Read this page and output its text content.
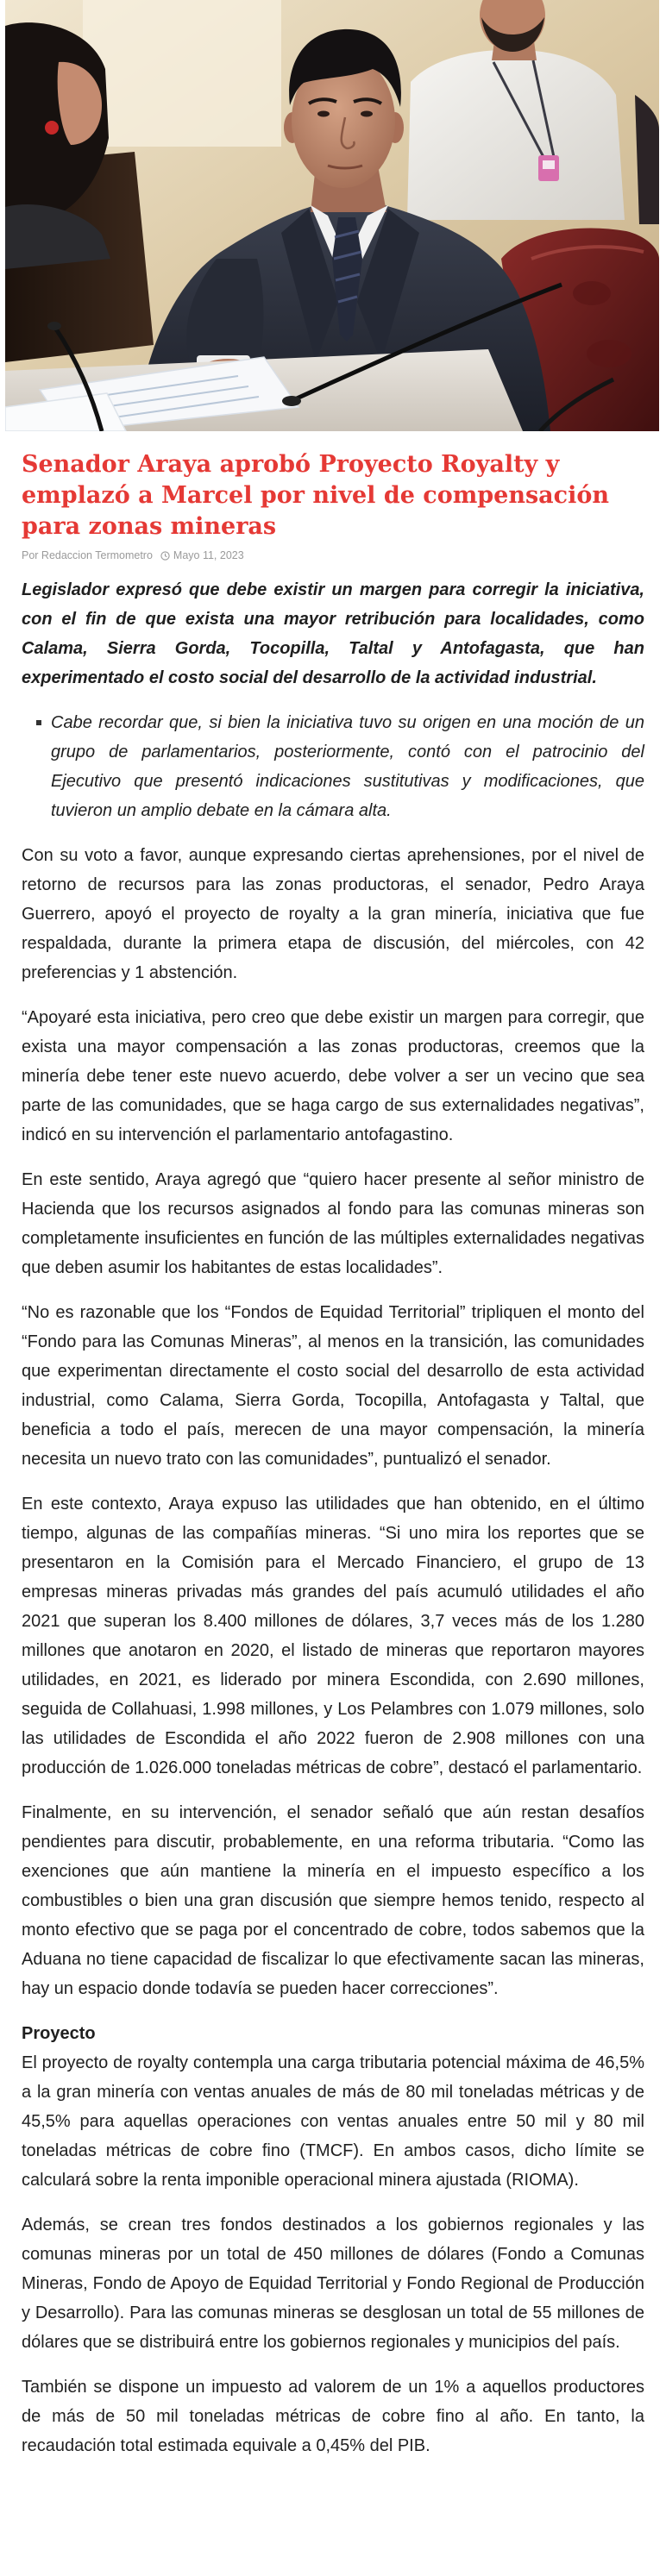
Senador Araya aprobó Proyecto Royalty y emplazó a Marcel por nivel de compensación para zonas mineras
Por Redaccion Termometro Mayo 11, 2023

Legislador expresó que debe existir un margen para corregir la iniciativa, con el fin de que exista una mayor retribución para localidades, como Calama, Sierra Gorda, Tocopilla, Taltal y Antofagasta, que han experimentado el costo social del desarrollo de la actividad industrial.

Cabe recordar que, si bien la iniciativa tuvo su origen en una moción de un grupo de parlamentarios, posteriormente, contó con el patrocinio del Ejecutivo que presentó indicaciones sustitutivas y modificaciones, que tuvieron un amplio debate en la cámara alta.

Con su voto a favor, aunque expresando ciertas aprehensiones, por el nivel de retorno de recursos para las zonas productoras, el senador, Pedro Araya Guerrero, apoyó el proyecto de royalty a la gran minería, iniciativa que fue respaldada, durante la primera etapa de discusión, del miércoles, con 42 preferencias y 1 abstención.

“Apoyaré esta iniciativa, pero creo que debe existir un margen para corregir, que exista una mayor compensación a las zonas productoras, creemos que la minería debe tener este nuevo acuerdo, debe volver a ser un vecino que sea parte de las comunidades, que se haga cargo de sus externalidades negativas”, indicó en su intervención el parlamentario antofagastino.

En este sentido, Araya agregó que “quiero hacer presente al señor ministro de Hacienda que los recursos asignados al fondo para las comunas mineras son completamente insuficientes en función de las múltiples externalidades negativas que deben asumir los habitantes de estas localidades”.

“No es razonable que los “Fondos de Equidad Territorial” tripliquen el monto del “Fondo para las Comunas Mineras”, al menos en la transición, las comunidades que experimentan directamente el costo social del desarrollo de esta actividad industrial, como Calama, Sierra Gorda, Tocopilla, Antofagasta y Taltal, que beneficia a todo el país, merecen de una mayor compensación, la minería necesita un nuevo trato con las comunidades”, puntualizó el senador.

En este contexto, Araya expuso las utilidades que han obtenido, en el último tiempo, algunas de las compañías mineras. “Si uno mira los reportes que se presentaron en la Comisión para el Mercado Financiero, el grupo de 13 empresas mineras privadas más grandes del país acumuló utilidades el año 2021 que superan los 8.400 millones de dólares, 3,7 veces más de los 1.280 millones que anotaron en 2020, el listado de mineras que reportaron mayores utilidades, en 2021, es liderado por minera Escondida, con 2.690 millones, seguida de Collahuasi, 1.998 millones, y Los Pelambres con 1.079 millones, solo las utilidades de Escondida el año 2022 fueron de 2.908 millones con una producción de 1.026.000 toneladas métricas de cobre”, destacó el parlamentario.

Finalmente, en su intervención, el senador señaló que aún restan desafíos pendientes para discutir, probablemente, en una reforma tributaria. “Como las exenciones que aún mantiene la minería en el impuesto específico a los combustibles o bien una gran discusión que siempre hemos tenido, respecto al monto efectivo que se paga por el concentrado de cobre, todos sabemos que la Aduana no tiene capacidad de fiscalizar lo que efectivamente sacan las mineras, hay un espacio donde todavía se pueden hacer correcciones”.

Proyecto

El proyecto de royalty contempla una carga tributaria potencial máxima de 46,5% a la gran minería con ventas anuales de más de 80 mil toneladas métricas y de 45,5% para aquellas operaciones con ventas anuales entre 50 mil y 80 mil toneladas métricas de cobre fino (TMCF). En ambos casos, dicho límite se calculará sobre la renta imponible operacional minera ajustada (RIOMA).

Además, se crean tres fondos destinados a los gobiernos regionales y las comunas mineras por un total de 450 millones de dólares (Fondo a Comunas Mineras, Fondo de Apoyo de Equidad Territorial y Fondo Regional de Producción y Desarrollo). Para las comunas mineras se desglosan un total de 55 millones de dólares que se distribuirá entre los gobiernos regionales y municipios del país.

También se dispone un impuesto ad valorem de un 1% a aquellos productores de más de 50 mil toneladas métricas de cobre fino al año. En tanto, la recaudación total estimada equivale a 0,45% del PIB.
